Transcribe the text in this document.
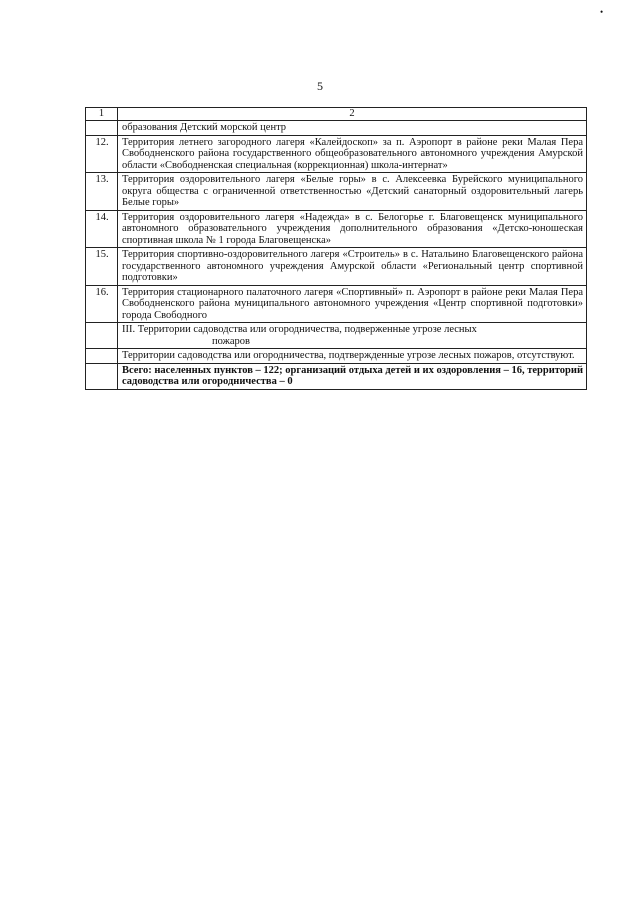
•
5
1	2
	образования Детский морской центр
12.	Территория летнего загородного лагеря «Калейдоскоп» за п. Аэропорт в районе реки Малая Пера Свободненского района государственного общеобразовательного автономного учреждения Амурской области «Свободненская специальная (коррекционная) школа-интернат»
13.	Территория оздоровительного лагеря «Белые горы» в с. Алексеевка Бурейского муниципального округа общества с ограниченной ответственностью «Детский санаторный оздоровительный лагерь Белые горы»
14.	Территория оздоровительного лагеря «Надежда» в с. Белогорье г. Благовещенск муниципального автономного образовательного учреждения дополнительного образования «Детско-юношеская спортивная школа № 1 города Благовещенска»
15.	Территория спортивно-оздоровительного лагеря «Строитель» в с. Натальино Благовещенского района государственного автономного учреждения Амурской области «Региональный центр спортивной подготовки»
16.	Территория стационарного палаточного лагеря «Спортивный» п. Аэропорт в районе реки Малая Пера Свободненского района муниципального автономного учреждения «Центр спортивной подготовки» города Свободного
	III. Территории садоводства или огородничества, подверженные угрозе лесных
пожаров

	Территории садоводства или огородничества, подтвержденные угрозе лесных пожаров, отсутствуют.
	Всего: населенных пунктов – 122; организаций отдыха детей и их оздоровления – 16, территорий садоводства или огородничества – 0
